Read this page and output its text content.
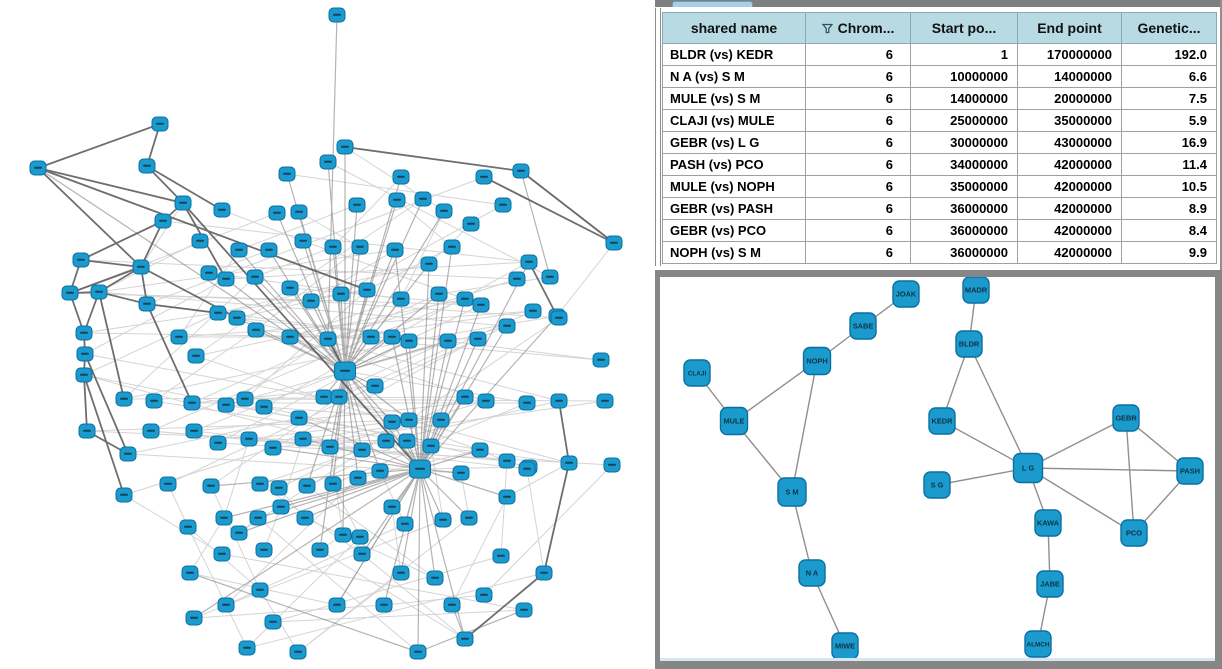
shared name	Chrom...	Start po...	End point	Genetic...
BLDR (vs) KEDR	6	1	170000000	192.0
N A (vs) S M	6	10000000	14000000	6.6
MULE (vs) S M	6	14000000	20000000	7.5
CLAJI (vs) MULE	6	25000000	35000000	5.9
GEBR (vs) L G	6	30000000	43000000	16.9
PASH (vs) PCO	6	34000000	42000000	11.4
MULE (vs) NOPH	6	35000000	42000000	10.5
GEBR (vs) PASH	6	36000000	42000000	8.9
GEBR (vs) PCO	6	36000000	42000000	8.4
NOPH (vs) S M	6	36000000	42000000	9.9
JOAK	MADR
SABE
BLDR
NOPH
CLAJI
GEBR
KEDR
MULE
L G	PASH
S G
S M
KAWA
PCO
N A
JABE
MIWE	ALMCH
